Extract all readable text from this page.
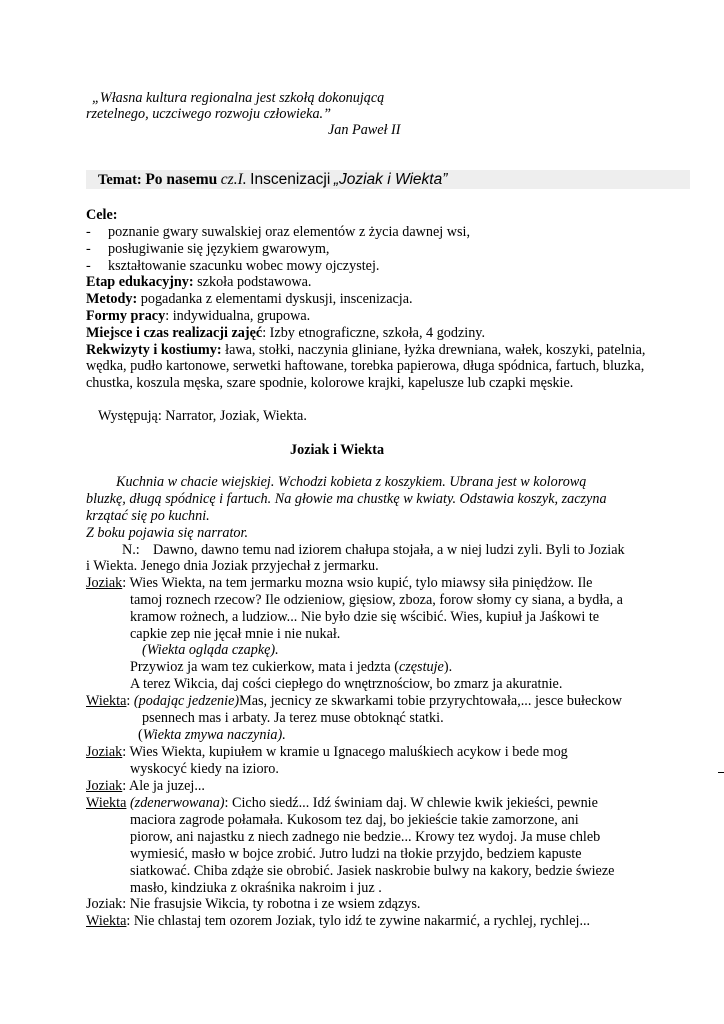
„Własna kultura regionalna jest szkołą dokonującą
rzetelnego, uczciwego rozwoju człowieka.”
Jan Paweł II
Temat: Po nasemu cz.I. Inscenizacji „Joziak i Wiekta”
Cele:
- poznanie gwary suwalskiej oraz elementów z życia dawnej wsi,
- posługiwanie się językiem gwarowym,
- kształtowanie szacunku wobec mowy ojczystej.
Etap edukacyjny: szkoła podstawowa.
Metody: pogadanka z elementami dyskusji, inscenizacja.
Formy pracy: indywidualna, grupowa.
Miejsce i czas realizacji zajęć: Izby etnograficzne, szkoła, 4 godziny.
Rekwizyty i kostiumy: ława, stołki, naczynia gliniane, łyżka drewniana, wałek, koszyki, patelnia,
wędka, pudło kartonowe, serwetki haftowane, torebka papierowa, długa spódnica, fartuch, bluzka,
chustka, koszula męska, szare spodnie, kolorowe krajki, kapelusze lub czapki męskie.
Występują: Narrator, Joziak, Wiekta.
Joziak i Wiekta
Kuchnia w chacie wiejskiej. Wchodzi kobieta z koszykiem. Ubrana jest w kolorową
bluzkę, długą spódnicę i fartuch. Na głowie ma chustkę w kwiaty. Odstawia koszyk, zaczyna
krzątać się po kuchni.
Z boku pojawia się narrator.
N.: Dawno, dawno temu nad iziorem chałupa stojała, a w niej ludzi zyli. Byli to Joziak
i Wiekta. Jenego dnia Joziak przyjechał z jermarku.
Joziak: Wies Wiekta, na tem jermarku mozna wsio kupić, tylo miawsy siła piniędżow. Ile
tamoj roznech rzecow? Ile odzieniow, gięsiow, zboza, forow słomy cy siana, a bydła, a
kramow rożnech, a ludziow... Nie było dzie się wścibić. Wies, kupiuł ja Jaśkowi te
capkie zep nie jęcał mnie i nie nukał.
(Wiekta ogląda czapkę).
Przywioz ja wam tez cukierkow, mata i jedzta (częstuje).
A terez Wikcia, daj cości ciepłego do wnętrznościow, bo zmarz ja akuratnie.
Wiekta: (podając jedzenie)Mas, jecnicy ze skwarkami tobie przyrychtowała,... jesce bułeckow
psennech mas i arbaty. Ja terez muse obtoknąć statki.
(Wiekta zmywa naczynia).
Joziak: Wies Wiekta, kupiułem w kramie u Ignacego maluśkiech acykow i bede mog
wyskocyć kiedy na iziorо.
Joziak: Ale ja juzej...
Wiekta (zdenerwowana): Cicho siedź... Idź świniam daj. W chlewie kwik jekieści, pewnie
maciora zagrode połamała. Kukosom tez daj, bo jekieście takie zamorzone, ani
piorow, ani najastku z niech zadnego nie bedzie... Krowy tez wydoj. Ja muse chleb
wymiesić, masło w bojce zrobić. Jutro ludzi na tłokie przyjdo, bedziem kapuste
siatkować. Chiba zdąże sie obrobić. Jasiek naskrobie bulwy na kakory, bedzie świeze
masło, kindziuka z okraśnika nakroim i juz .
Joziak: Nie frasujsie Wikcia, ty robotna i ze wsiem zdązys.
Wiekta: Nie chlastaj tem ozorem Joziak, tylo idź te zywine nakarmić, a rychlej, rychlej...
